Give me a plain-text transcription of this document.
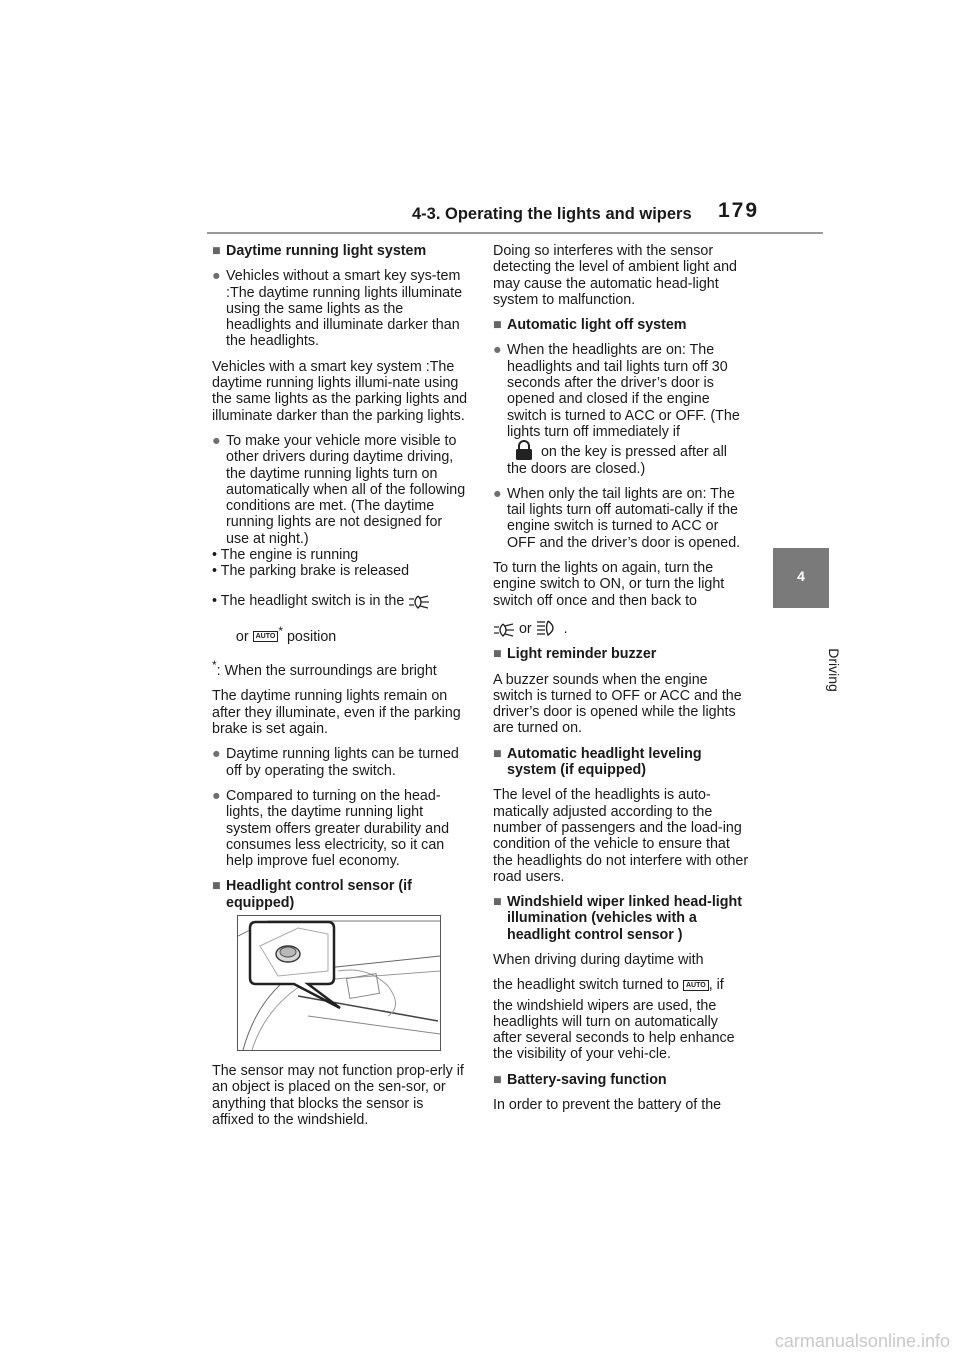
4-3. Operating the lights and wipers 179
4
Driving

■ Daytime running light system

● Vehicles without a smart key sys-tem :The daytime running lights illuminate using the same lights as the headlights and illuminate darker than the headlights.

Vehicles with a smart key system :The daytime running lights illumi-nate using the same lights as the parking lights and illuminate darker than the parking lights.

● To make your vehicle more visible to other drivers during daytime driving, the daytime running lights turn on automatically when all of the following conditions are met. (The daytime running lights are not designed for use at night.)

• The engine is running

• The parking brake is released

• The headlight switch is in the
or AUTO * position

*: When the surroundings are bright

The daytime running lights remain on after they illuminate, even if the parking brake is set again.

● Daytime running lights can be turned off by operating the switch.

● Compared to turning on the head-lights, the daytime running light system offers greater durability and consumes less electricity, so it can help improve fuel economy.

■ Headlight control sensor (if equipped)

The sensor may not function prop-erly if an object is placed on the sen-sor, or anything that blocks the sensor is affixed to the windshield.

Doing so interferes with the sensor detecting the level of ambient light and may cause the automatic head-light system to malfunction.

■ Automatic light off system

● When the headlights are on: The headlights and tail lights turn off 30 seconds after the driver’s door is opened and closed if the engine switch is turned to ACC or OFF. (The lights turn off immediately if
on the key is pressed after all the doors are closed.)

● When only the tail lights are on: The tail lights turn off automati-cally if the engine switch is turned to ACC or OFF and the driver’s door is opened.

To turn the lights on again, turn the engine switch to ON, or turn the light switch off once and then back to
or .

■ Light reminder buzzer

A buzzer sounds when the engine switch is turned to OFF or ACC and the driver’s door is opened while the lights are turned on.

■ Automatic headlight leveling system (if equipped)

The level of the headlights is auto-matically adjusted according to the number of passengers and the load-ing condition of the vehicle to ensure that the headlights do not interfere with other road users.

■ Windshield wiper linked head-light illumination (vehicles with a headlight control sensor )

When driving during daytime with
the headlight switch turned to AUTO , if
the windshield wipers are used, the headlights will turn on automatically after several seconds to help enhance the visibility of your vehi-cle.

■ Battery-saving function

In order to prevent the battery of the

carmanualsonline.info
